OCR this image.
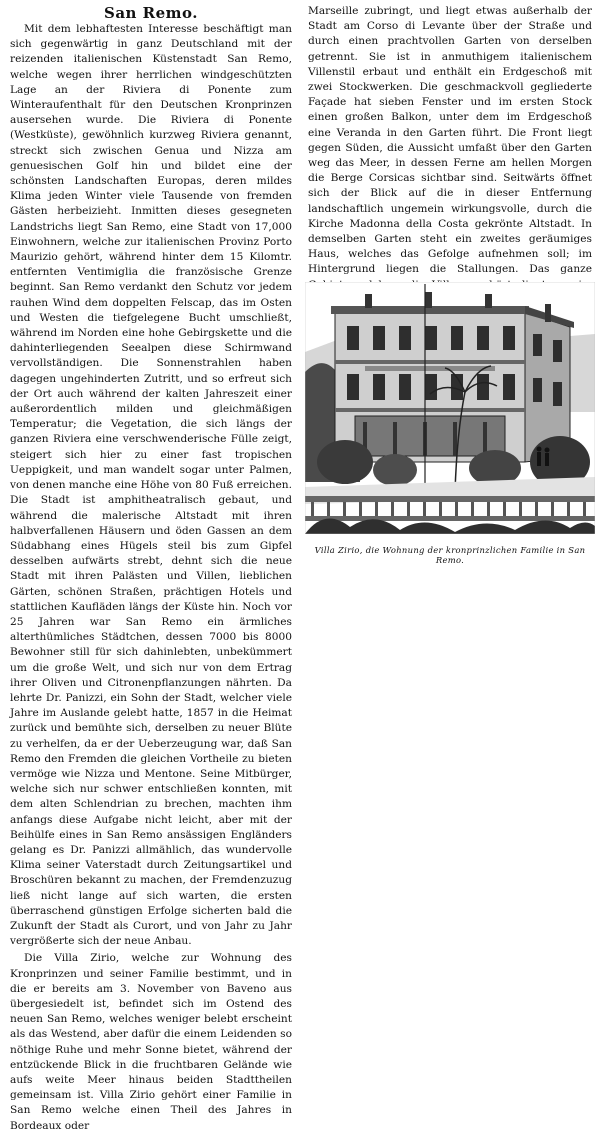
San Remo.

Mit dem lebhaftesten Interesse beschäftigt man sich gegenwärtig in ganz Deutschland mit der reizenden italienischen Küstenstadt San Remo, welche wegen ihrer herrlichen windgeschützten Lage an der Riviera di Ponente zum Winteraufenthalt für den Deutschen Kronprinzen ausersehen wurde. Die Riviera di Ponente (Westküste), gewöhnlich kurzweg Riviera genannt, streckt sich zwischen Genua und Nizza am genuesischen Golf hin und bildet eine der schönsten Landschaften Europas, deren mildes Klima jeden Winter viele Tausende von fremden Gästen herbeizieht. Inmitten dieses gesegneten Landstrichs liegt San Remo, eine Stadt von 17,000 Einwohnern, welche zur italienischen Provinz Porto Maurizio gehört, während hinter dem 15 Kilomtr. entfernten Ventimiglia die französische Grenze beginnt. San Remo verdankt den Schutz vor jedem rauhen Wind dem doppelten Felscap, das im Osten und Westen die tiefgelegene Bucht umschließt, während im Norden eine hohe Gebirgskette und die dahinterliegenden Seealpen diese Schirmwand vervollständigen. Die Sonnenstrahlen haben dagegen ungehinderten Zutritt, und so erfreut sich der Ort auch während der kalten Jahreszeit einer außerordentlich milden und gleichmäßigen Temperatur; die Vegetation, die sich längs der ganzen Riviera eine verschwenderische Fülle zeigt, steigert sich hier zu einer fast tropischen Ueppigkeit, und man wandelt sogar unter Palmen, von denen manche eine Höhe von 80 Fuß erreichen. Die Stadt ist amphitheatralisch gebaut, und während die malerische Altstadt mit ihren halbverfallenen Häusern und öden Gassen an dem Südabhang eines Hügels steil bis zum Gipfel desselben aufwärts strebt, dehnt sich die neue Stadt mit ihren Palästen und Villen, lieblichen Gärten, schönen Straßen, prächtigen Hotels und stattlichen Kaufläden längs der Küste hin. Noch vor 25 Jahren war San Remo ein ärmliches alterthümliches Städtchen, dessen 7000 bis 8000 Bewohner still für sich dahinlebten, unbekümmert um die große Welt, und sich nur von dem Ertrag ihrer Oliven und Citronenpflanzungen nährten. Da lehrte Dr. Panizzi, ein Sohn der Stadt, welcher viele Jahre im Auslande gelebt hatte, 1857 in die Heimat zurück und bemühte sich, derselben zu neuer Blüte zu verhelfen, da er der Ueberzeugung war, daß San Remo den Fremden die gleichen Vortheile zu bieten vermöge wie Nizza und Mentone. Seine Mitbürger, welche sich nur schwer entschließen konnten, mit dem alten Schlendrian zu brechen, machten ihm anfangs diese Aufgabe nicht leicht, aber mit der Beihülfe eines in San Remo ansässigen Engländers gelang es Dr. Panizzi allmählich, das wundervolle Klima seiner Vaterstadt durch Zeitungsartikel und Broschüren bekannt zu machen, der Fremdenzuzug ließ nicht lange auf sich warten, die ersten überraschend günstigen Erfolge sicherten bald die Zukunft der Stadt als Curort, und von Jahr zu Jahr vergrößerte sich der neue Anbau.

Die Villa Zirio, welche zur Wohnung des Kronprinzen und seiner Familie bestimmt, und in die er bereits am 3. November von Baveno aus übergesiedelt ist, befindet sich im Ostend des neuen San Remo, welches weniger belebt erscheint als das Westend, aber dafür die einem Leidenden so nöthige Ruhe und mehr Sonne bietet, während der entzückende Blick in die fruchtbaren Gelände wie aufs weite Meer hinaus beiden Stadttheilen gemeinsam ist. Villa Zirio gehört einer Familie in San Remo welche einen Theil des Jahres in Bordeaux oder

Marseille zubringt, und liegt etwas außerhalb der Stadt am Corso di Levante über der Straße und durch einen prachtvollen Garten von derselben getrennt. Sie ist in anmuthigem italienischem Villenstil erbaut und enthält ein Erdgeschoß mit zwei Stockwerken. Die geschmackvoll gegliederte Façade hat sieben Fenster und im ersten Stock einen großen Balkon, unter dem im Erdgeschoß eine Veranda in den Garten führt. Die Front liegt gegen Süden, die Aussicht umfaßt über den Garten weg das Meer, in dessen Ferne am hellen Morgen die Berge Corsicas sichtbar sind. Seitwärts öffnet sich der Blick auf die in dieser Entfernung landschaftlich ungemein wirkungsvolle, durch die Kirche Madonna della Costa gekrönte Altstadt. In demselben Garten steht ein zweites geräumiges Haus, welches das Gefolge aufnehmen soll; im Hintergrund liegen die Stallungen. Das ganze

Villa Zirio, die Wohnung der kronprinzlichen Familie in San Remo.
